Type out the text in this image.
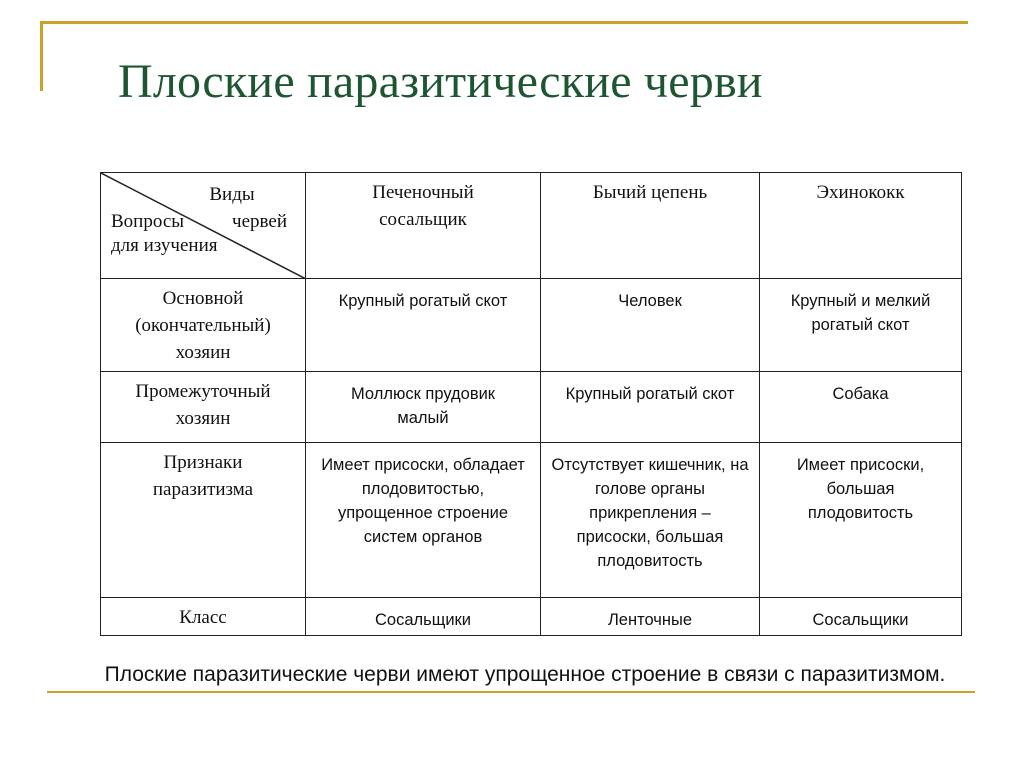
Плоские паразитические черви
Виды
червей
Вопросы
для изучения	Печеночный сосальщик	Бычий цепень	Эхинококк
Основной (окончательный) хозяин	Крупный рогатый скот	Человек	Крупный и мелкий рогатый скот
Промежуточный хозяин	Моллюск прудовик малый	Крупный рогатый скот	Собака
Признаки паразитизма	Имеет присоски, обладает плодовитостью, упрощенное строение систем органов	Отсутствует кишечник, на голове органы прикрепления – присоски, большая плодовитость	Имеет присоски, большая плодовитость
Класс	Сосальщики	Ленточные	Сосальщики
Плоские паразитические черви имеют упрощенное строение в связи с паразитизмом.
